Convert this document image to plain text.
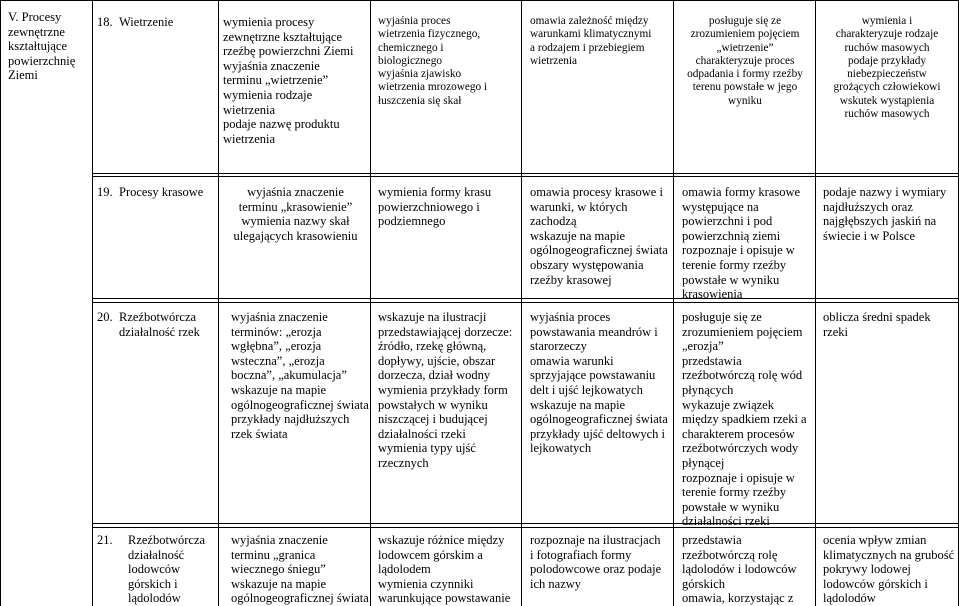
V. Procesy
zewnętrzne
kształtujące
powierzchnię
Ziemi
18. Wietrzenie	wymienia procesy
zewnętrzne kształtujące
rzeźbę powierzchni Ziemi
wyjaśnia znaczenie
terminu „wietrzenie”
wymienia rodzaje
wietrzenia
podaje nazwę produktu
wietrzenia
wyjaśnia proces
wietrzenia fizycznego,
chemicznego i
biologicznego
wyjaśnia zjawisko
wietrzenia mrozowego i
łuszczenia się skał
omawia zależność między
warunkami klimatycznymi
a rodzajem i przebiegiem
wietrzenia
posługuje się ze
zrozumieniem pojęciem
„wietrzenie”
charakteryzuje proces
odpadania i formy rzeźby
terenu powstałe w jego
wyniku
wymienia i
charakteryzuje rodzaje
ruchów masowych
podaje przykłady
niebezpieczeństw
grożących człowiekowi
wskutek wystąpienia
ruchów masowych
19. Procesy krasowe	wyjaśnia znaczenie
terminu „krasowienie”
wymienia nazwy skał
ulegających krasowieniu
wymienia formy krasu
powierzchniowego i
podziemnego
omawia procesy krasowe i
warunki, w których
zachodzą
wskazuje na mapie
ogólnogeograficznej świata
obszary występowania
rzeźby krasowej
omawia formy krasowe
występujące na
powierzchni i pod
powierzchnią ziemi
rozpoznaje i opisuje w
terenie formy rzeźby
powstałe w wyniku
krasowienia
podaje nazwy i wymiary
najdłuższych oraz
najgłębszych jaskiń na
świecie i w Polsce
20. Rzeźbotwórcza
działalność rzek
wyjaśnia znaczenie
terminów: „erozja
wgłębna”, „erozja
wsteczna”, „erozja
boczna”, „akumulacja”
wskazuje na mapie
ogólnogeograficznej świata
przykłady najdłuższych
rzek świata
wskazuje na ilustracji
przedstawiającej dorzecze:
źródło, rzekę główną,
dopływy, ujście, obszar
dorzecza, dział wodny
wymienia przykłady form
powstałych w wyniku
niszczącej i budującej
działalności rzeki
wymienia typy ujść
rzecznych
wyjaśnia proces
powstawania meandrów i
starorzeczy
omawia warunki
sprzyjające powstawaniu
delt i ujść lejkowatych
wskazuje na mapie
ogólnogeograficznej świata
przykłady ujść deltowych i
lejkowatych
posługuje się ze
zrozumieniem pojęciem
„erozja”
przedstawia
rzeźbotwórczą rolę wód
płynących
wykazuje związek
między spadkiem rzeki a
charakterem procesów
rzeźbotwórczych wody
płynącej
rozpoznaje i opisuje w
terenie formy rzeźby
powstałe w wyniku
działalności rzeki
oblicza średni spadek
rzeki
21. Rzeźbotwórcza
działalność
lodowców
górskich i
lądolodów
wyjaśnia znaczenie
terminu „granica
wiecznego śniegu”
wskazuje na mapie
ogólnogeograficznej świata
wskazuje różnice między
lodowcem górskim a
lądolodem
wymienia czynniki
warunkujące powstawanie
rozpoznaje na ilustracjach
i fotografiach formy
polodowcowe oraz podaje
ich nazwy
przedstawia
rzeźbotwórczą rolę
lądolodów i lodowców
górskich
omawia, korzystając z
ocenia wpływ zmian
klimatycznych na grubość
pokrywy lodowej
lodowców górskich i
lądolodów
